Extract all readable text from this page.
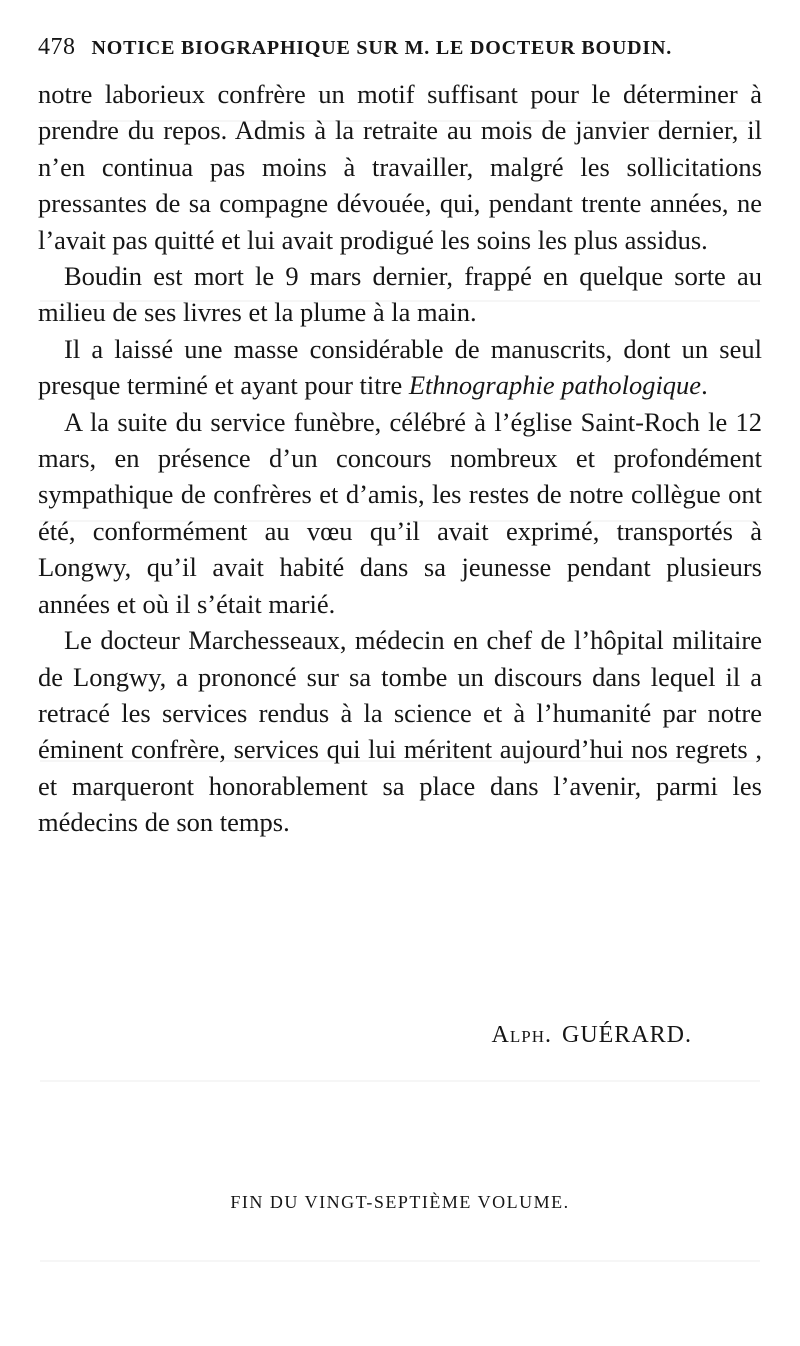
478 NOTICE BIOGRAPHIQUE SUR M. LE DOCTEUR BOUDIN.

notre laborieux confrère un motif suffisant pour le déterminer à prendre du repos. Admis à la retraite au mois de janvier dernier, il n’en continua pas moins à travailler, malgré les sollicitations pressantes de sa compagne dévouée, qui, pendant trente années, ne l’avait pas quitté et lui avait prodigué les soins les plus assidus.

Boudin est mort le 9 mars dernier, frappé en quelque sorte au milieu de ses livres et la plume à la main.

Il a laissé une masse considérable de manuscrits, dont un seul presque terminé et ayant pour titre Ethnographie pathologique.

A la suite du service funèbre, célébré à l’église Saint-Roch le 12 mars, en présence d’un concours nombreux et profondément sympathique de confrères et d’amis, les restes de notre collègue ont été, conformément au vœu qu’il avait exprimé, transportés à Longwy, qu’il avait habité dans sa jeunesse pendant plusieurs années et où il s’était marié.

Le docteur Marchesseaux, médecin en chef de l’hôpital militaire de Longwy, a prononcé sur sa tombe un discours dans lequel il a retracé les services rendus à la science et à l’humanité par notre éminent confrère, services qui lui méritent aujourd’hui nos regrets , et marqueront honorablement sa place dans l’avenir, parmi les médecins de son temps.

Alph. GUÉRARD.
FIN DU VINGT-SEPTIÈME VOLUME.
